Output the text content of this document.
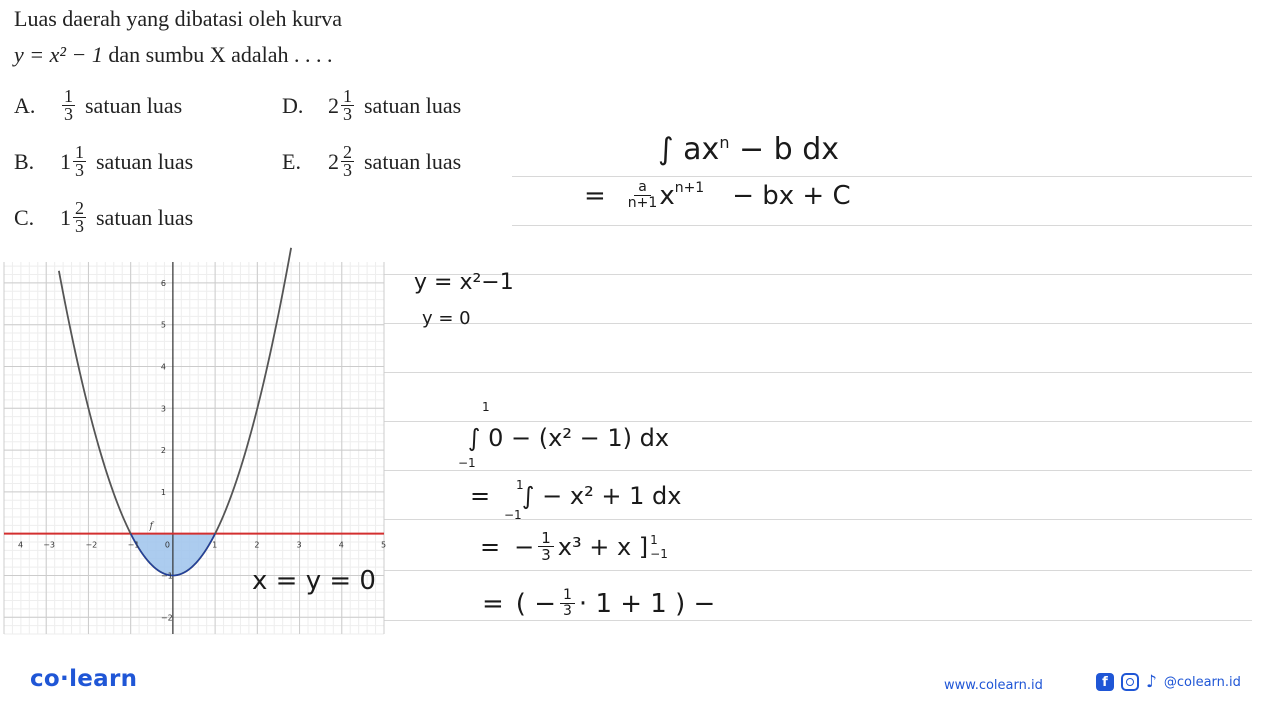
Luas daerah yang dibatasi oleh kurva
y = x² − 1 dan sumbu X adalah . . . .
A.	$\frac{1}{3}$ satuan luas	D.	$2 \frac{1}{3}$ satuan luas
B.	$1 \frac{1}{3}$ satuan luas	E.	$2 \frac{2}{3}$ satuan luas
C.	$1 \frac{2}{3}$ satuan luas
4	−3	−2	−1	0	1	2	3	4	5
6
5
4
3
2
1
−1
−2
f
∫ $ax^n - b$ dx
= $\frac{a}{n+1} x^{n+1}$ − bx + C
y = x²−1
y = 0
x = y = 0
1
−1
∫ 0 − (x² − 1) dx
= 1
−1
∫ − x² + 1 dx
= − $\frac{1}{3} x^3 + x$ ] 1
−1
= ( − $\frac{1}{3} \cdot 1 + 1$ ) −
co·learn	www.colearn.id	f	♪ @colearn.id
